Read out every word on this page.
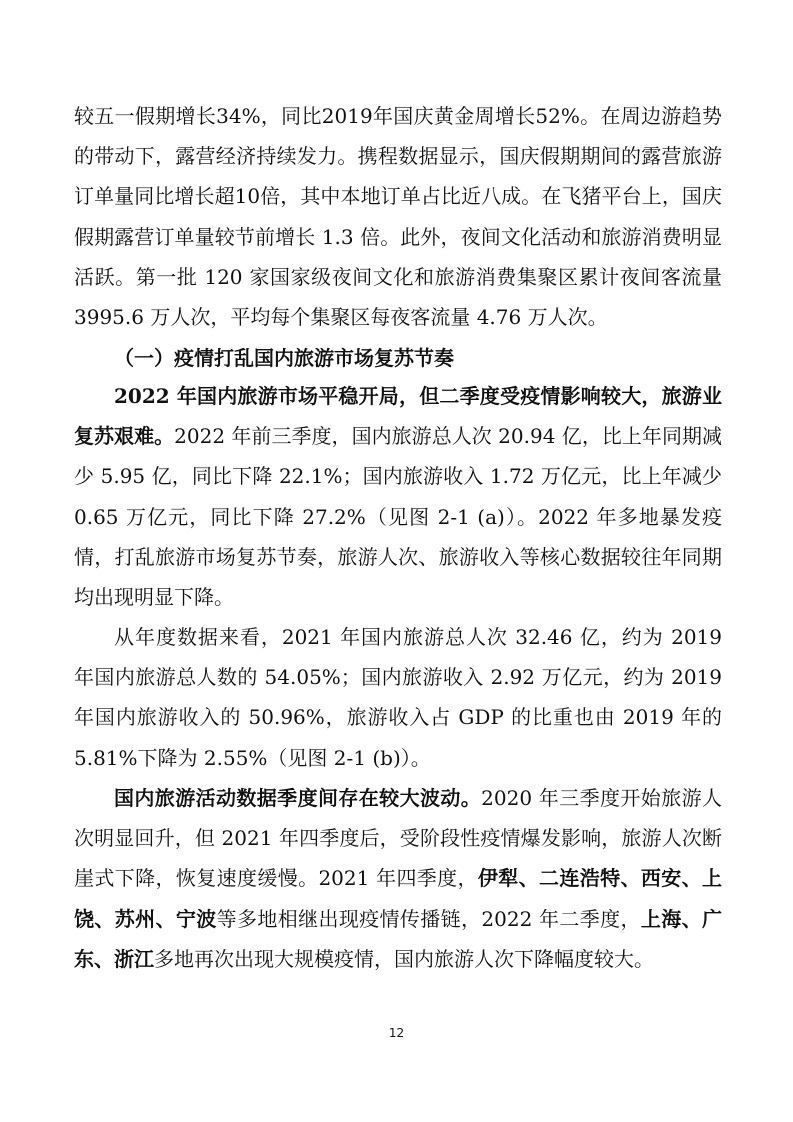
较五一假期增长34%，同比2019年国庆黄金周增长52%。在周边游趋势的带动下，露营经济持续发力。携程数据显示，国庆假期期间的露营旅游订单量同比增长超10倍，其中本地订单占比近八成。在飞猪平台上，国庆假期露营订单量较节前增长 1.3 倍。此外，夜间文化活动和旅游消费明显活跃。第一批 120 家国家级夜间文化和旅游消费集聚区累计夜间客流量 3995.6 万人次，平均每个集聚区每夜客流量 4.76 万人次。

（一）疫情打乱国内旅游市场复苏节奏

2022 年国内旅游市场平稳开局，但二季度受疫情影响较大，旅游业复苏艰难。2022 年前三季度，国内旅游总人次 20.94 亿，比上年同期减少 5.95 亿，同比下降 22.1%；国内旅游收入 1.72 万亿元，比上年减少 0.65 万亿元，同比下降 27.2%（见图 2-1 (a)）。2022 年多地暴发疫情，打乱旅游市场复苏节奏，旅游人次、旅游收入等核心数据较往年同期均出现明显下降。

从年度数据来看，2021 年国内旅游总人次 32.46 亿，约为 2019 年国内旅游总人数的 54.05%；国内旅游收入 2.92 万亿元，约为 2019 年国内旅游收入的 50.96%，旅游收入占 GDP 的比重也由 2019 年的 5.81%下降为 2.55%（见图 2-1 (b)）。

国内旅游活动数据季度间存在较大波动。2020 年三季度开始旅游人次明显回升，但 2021 年四季度后，受阶段性疫情爆发影响，旅游人次断崖式下降，恢复速度缓慢。2021 年四季度，伊犁、二连浩特、西安、上饶、苏州、宁波等多地相继出现疫情传播链，2022 年二季度，上海、广东、浙江多地再次出现大规模疫情，国内旅游人次下降幅度较大。

12
